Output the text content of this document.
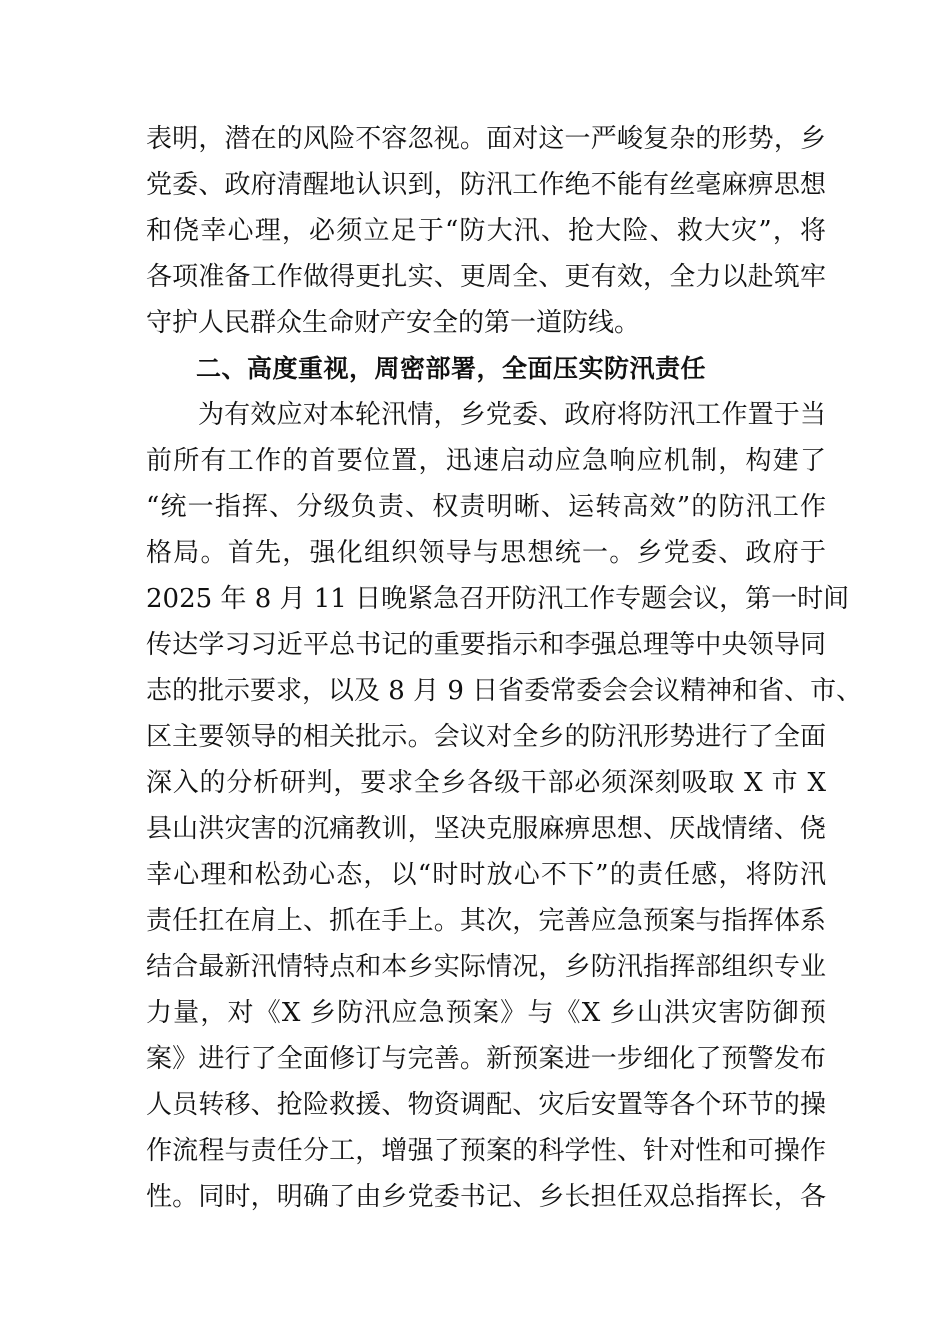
表明，潜在的风险不容忽视。面对这一严峻复杂的形势，乡
党委、政府清醒地认识到，防汛工作绝不能有丝毫麻痹思想
和侥幸心理，必须立足于“防大汛、抢大险、救大灾”，将
各项准备工作做得更扎实、更周全、更有效，全力以赴筑牢
守护人民群众生命财产安全的第一道防线。
二、高度重视，周密部署，全面压实防汛责任
为有效应对本轮汛情，乡党委、政府将防汛工作置于当
前所有工作的首要位置，迅速启动应急响应机制，构建了
“统一指挥、分级负责、权责明晰、运转高效”的防汛工作
格局。首先，强化组织领导与思想统一。乡党委、政府于
2025 年 8 月 11 日晚紧急召开防汛工作专题会议，第一时间
传达学习习近平总书记的重要指示和李强总理等中央领导同
志的批示要求，以及 8 月 9 日省委常委会会议精神和省、市、
区主要领导的相关批示。会议对全乡的防汛形势进行了全面
深入的分析研判，要求全乡各级干部必须深刻吸取 X 市 X
县山洪灾害的沉痛教训，坚决克服麻痹思想、厌战情绪、侥
幸心理和松劲心态，以“时时放心不下”的责任感，将防汛
责任扛在肩上、抓在手上。其次，完善应急预案与指挥体系
结合最新汛情特点和本乡实际情况，乡防汛指挥部组织专业
力量，对《X 乡防汛应急预案》与《X 乡山洪灾害防御预
案》进行了全面修订与完善。新预案进一步细化了预警发布
人员转移、抢险救援、物资调配、灾后安置等各个环节的操
作流程与责任分工，增强了预案的科学性、针对性和可操作
性。同时，明确了由乡党委书记、乡长担任双总指挥长，各
